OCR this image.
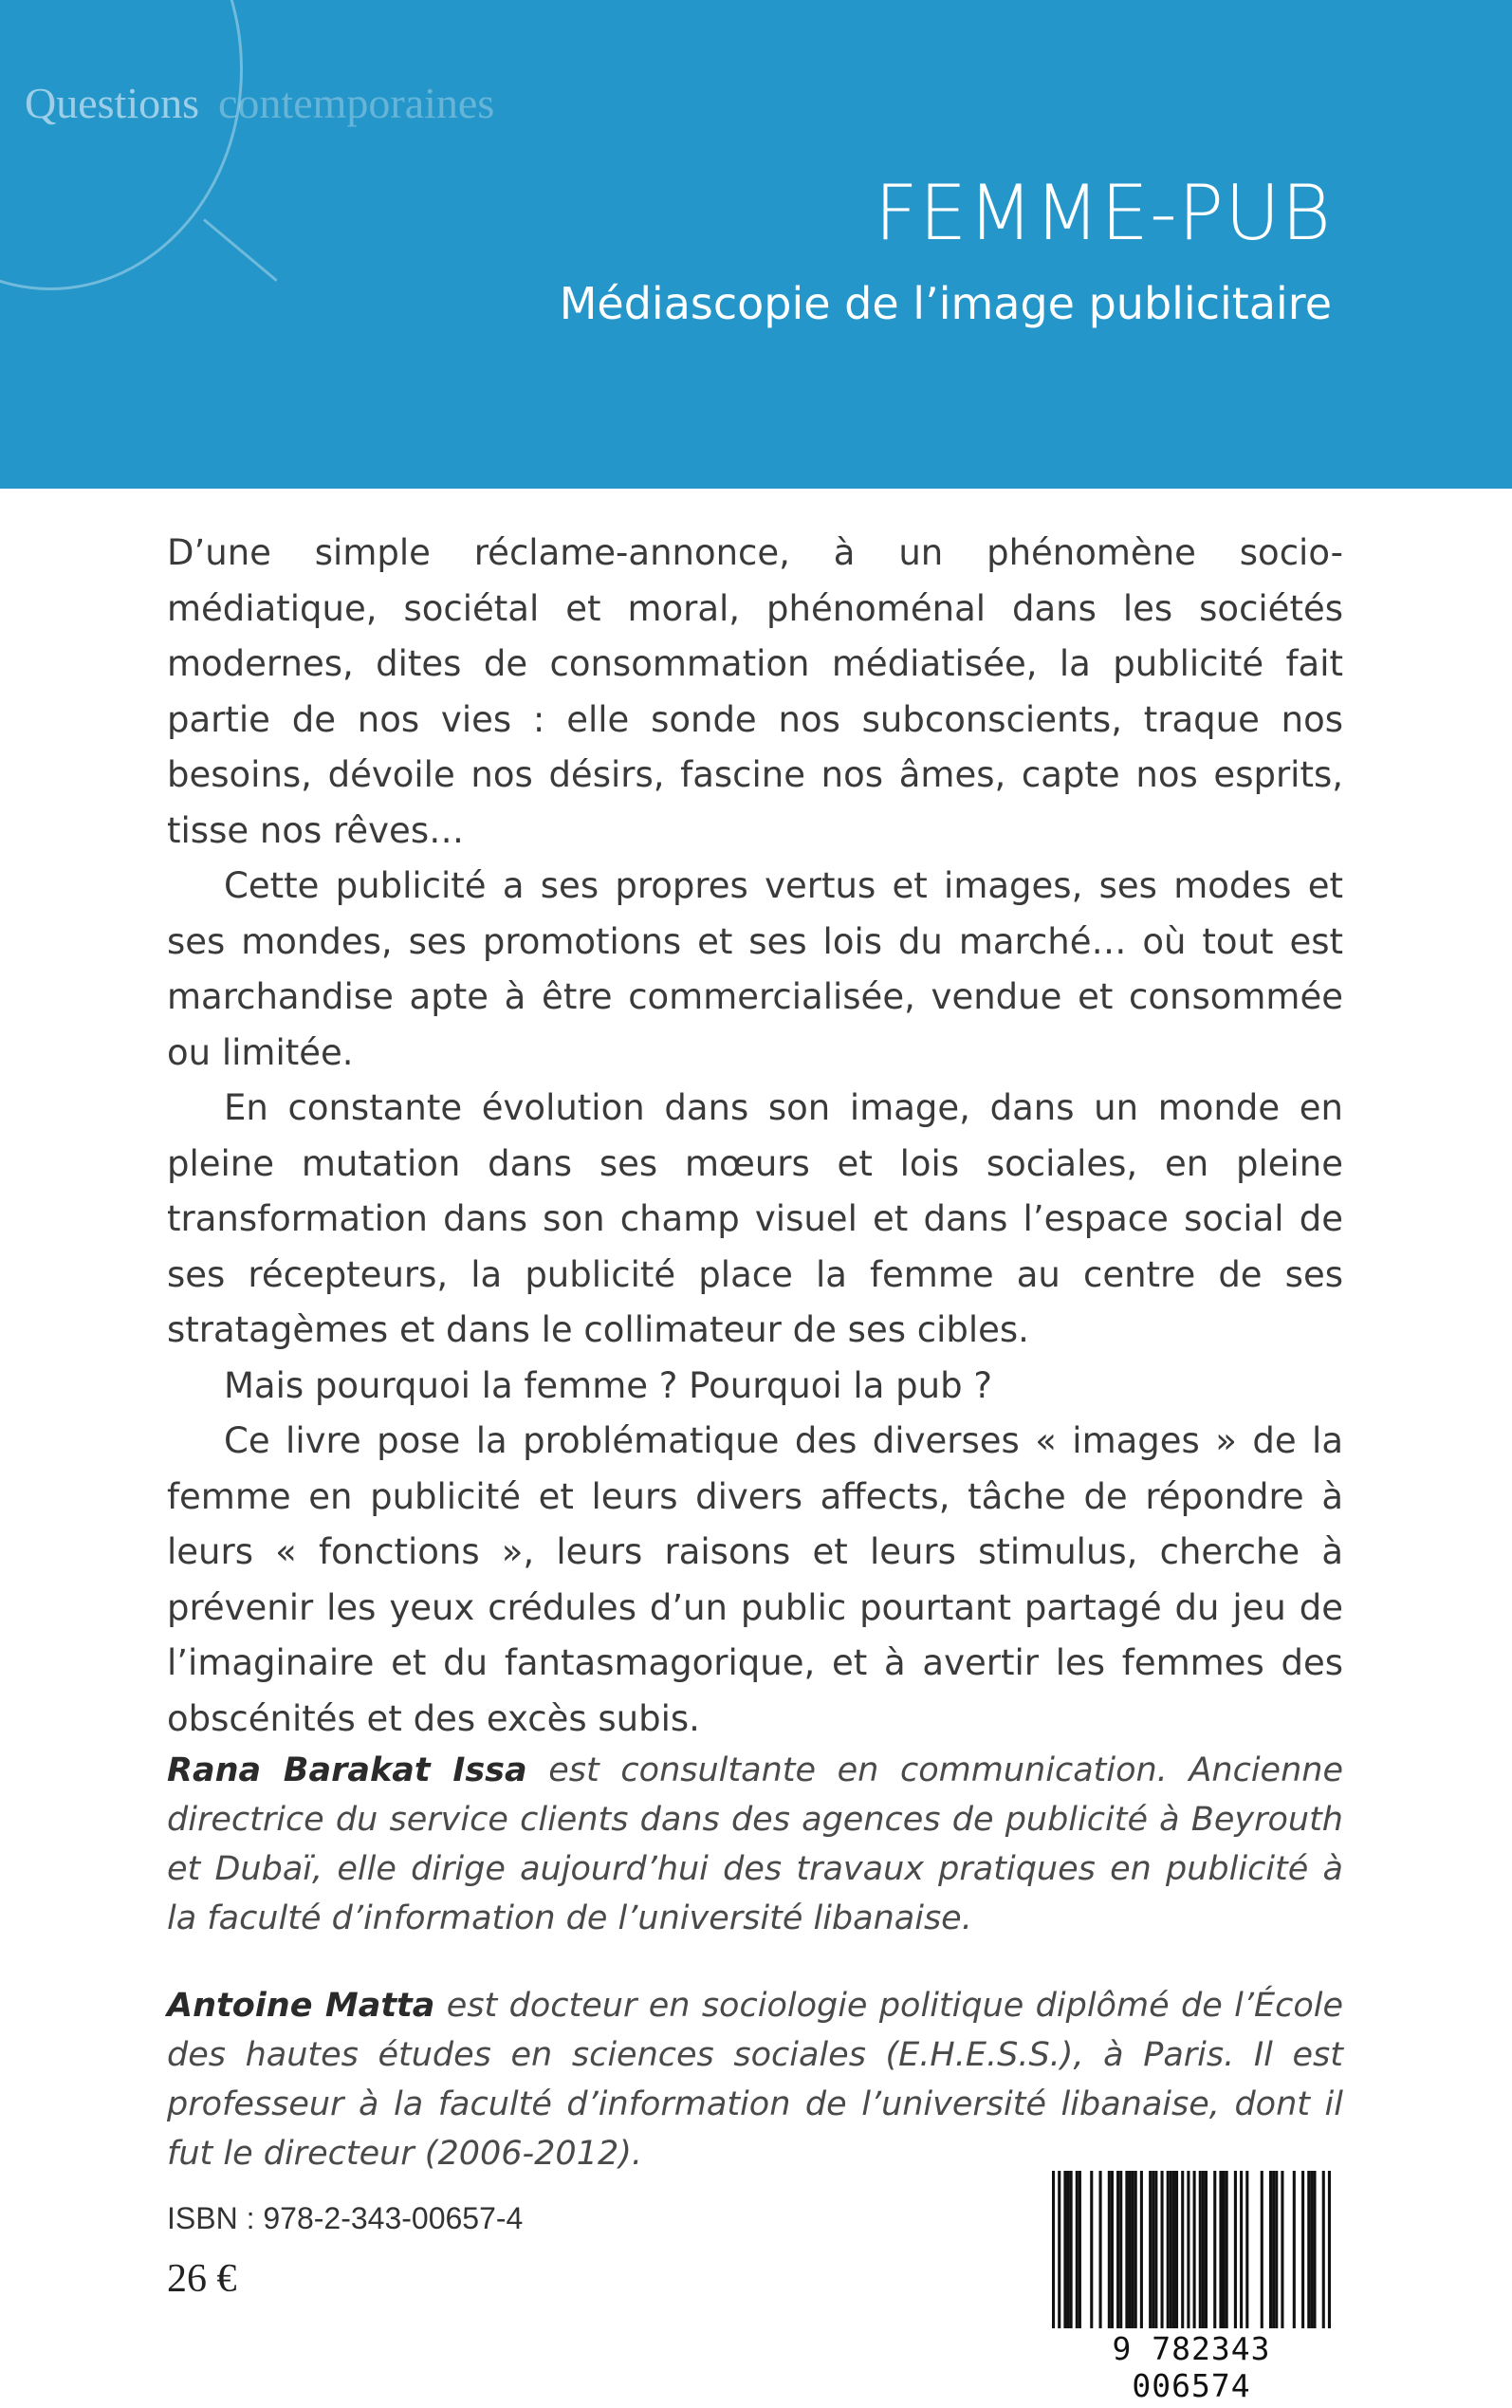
Questions contemporaines
FEMME-PUB
Médiascopie de l’image publicitaire

D’une simple réclame-annonce, à un phénomène socio-médiatique, sociétal et moral, phénoménal dans les sociétés modernes, dites de consommation médiatisée, la publicité fait partie de nos vies : elle sonde nos subconscients, traque nos besoins, dévoile nos désirs, fascine nos âmes, capte nos esprits, tisse nos rêves…

Cette publicité a ses propres vertus et images, ses modes et ses mondes, ses promotions et ses lois du marché… où tout est marchandise apte à être commercialisée, vendue et consommée ou limitée.

En constante évolution dans son image, dans un monde en pleine mutation dans ses mœurs et lois sociales, en pleine transformation dans son champ visuel et dans l’espace social de ses récepteurs, la publicité place la femme au centre de ses stratagèmes et dans le collimateur de ses cibles.

Mais pourquoi la femme ? Pourquoi la pub ?

Ce livre pose la problématique des diverses « images » de la femme en publicité et leurs divers affects, tâche de répondre à leurs « fonctions », leurs raisons et leurs stimulus, cherche à prévenir les yeux crédules d’un public pourtant partagé du jeu de l’imaginaire et du fantasmagorique, et à avertir les femmes des obscénités et des excès subis.

Rana Barakat Issa est consultante en communication. Ancienne directrice du service clients dans des agences de publicité à Beyrouth et Dubaï, elle dirige aujourd’hui des travaux pratiques en publicité à la faculté d’information de l’université libanaise.
Antoine Matta est docteur en sociologie politique diplômé de l’École des hautes études en sciences sociales (E.H.E.S.S.), à Paris. Il est professeur à la faculté d’information de l’université libanaise, dont il fut le directeur (2006-2012).
ISBN : 978-2-343-00657-4
26 €
9 782343 006574
